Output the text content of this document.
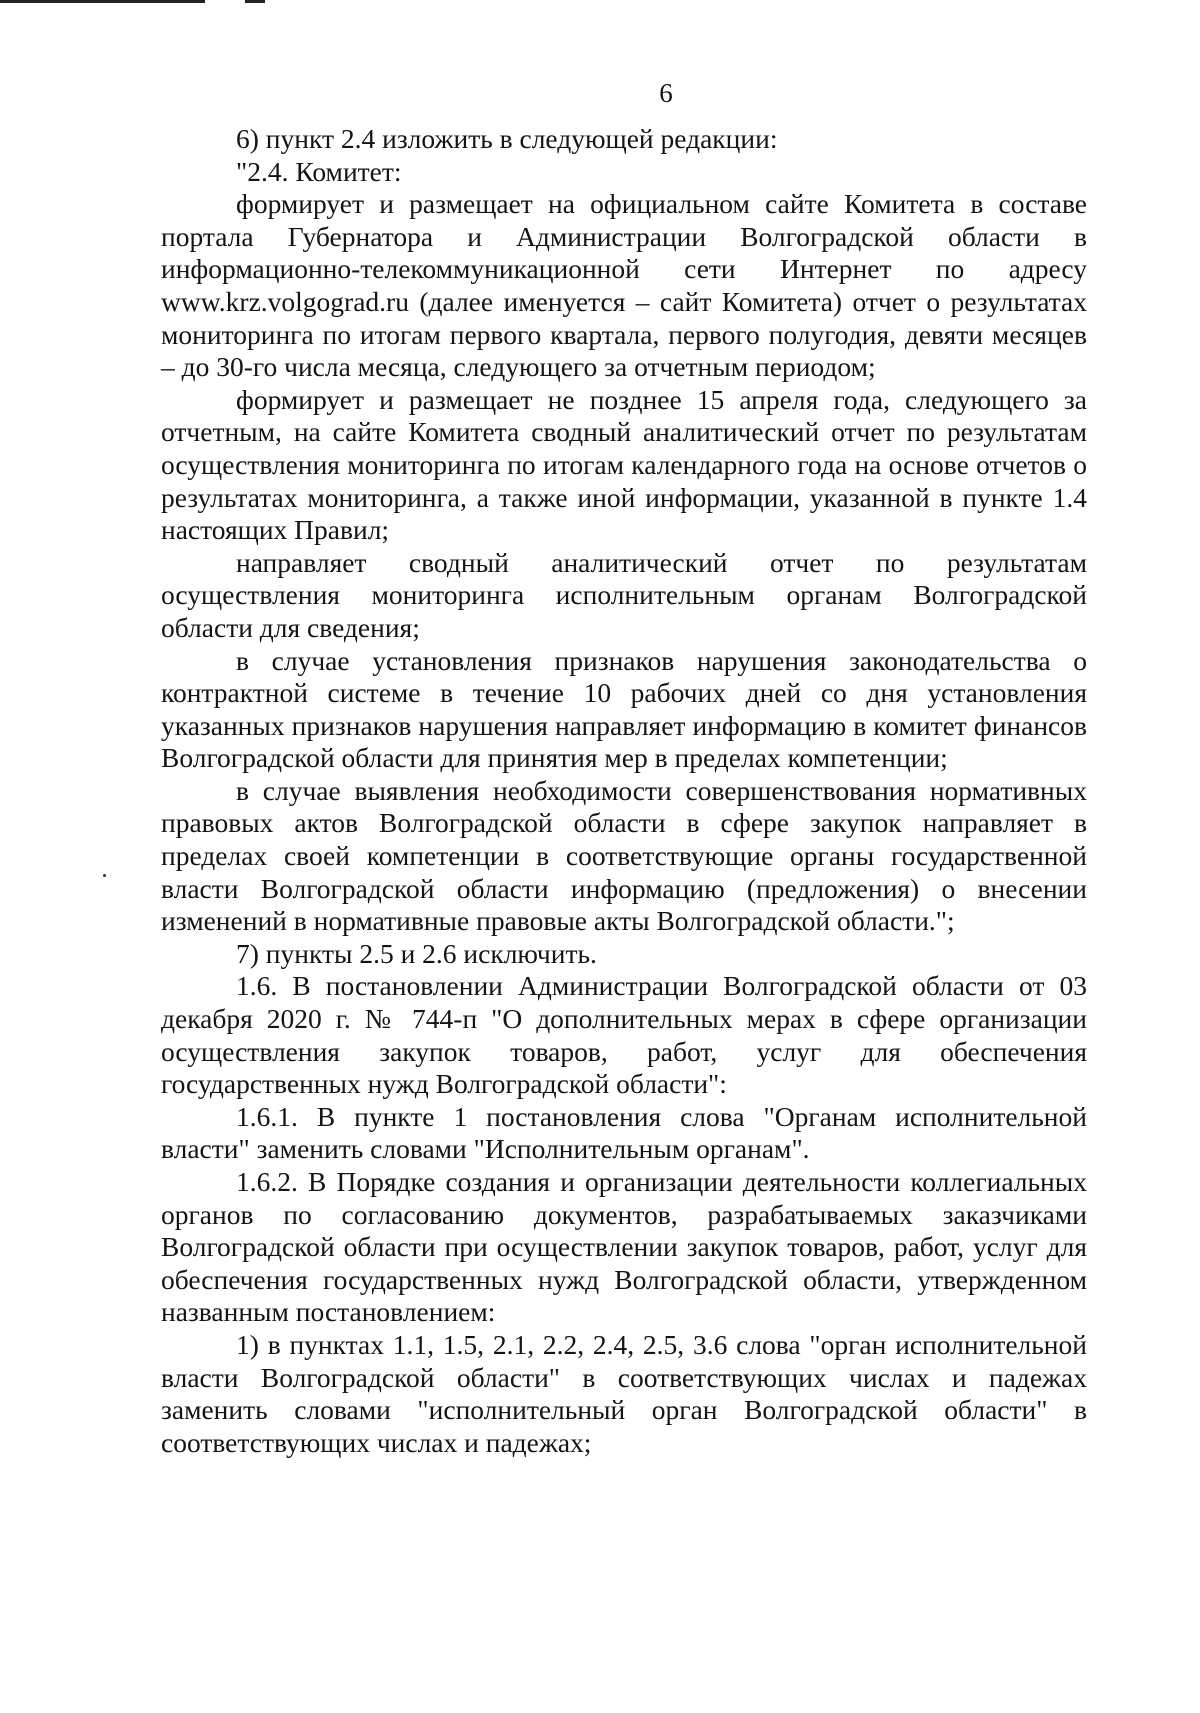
6

6) пункт 2.4 изложить в следующей редакции:

"2.4. Комитет:

формирует и размещает на официальном сайте Комитета в составе портала Губернатора и Администрации Волгоградской области в информационно-телекоммуникационной сети Интернет по адресу www.krz.volgograd.ru (далее именуется – сайт Комитета) отчет о результатах мониторинга по итогам первого квартала, первого полугодия, девяти месяцев – до 30-го числа месяца, следующего за отчетным периодом;

формирует и размещает не позднее 15 апреля года, следующего за отчетным, на сайте Комитета сводный аналитический отчет по результатам осуществления мониторинга по итогам календарного года на основе отчетов о результатах мониторинга, а также иной информации, указанной в пункте 1.4 настоящих Правил;

направляет сводный аналитический отчет по результатам осуществления мониторинга исполнительным органам Волгоградской области для сведения;

в случае установления признаков нарушения законодательства о контрактной системе в течение 10 рабочих дней со дня установления указанных признаков нарушения направляет информацию в комитет финансов Волгоградской области для принятия мер в пределах компетенции;

в случае выявления необходимости совершенствования нормативных правовых актов Волгоградской области в сфере закупок направляет в пределах своей компетенции в соответствующие органы государственной власти Волгоградской области информацию (предложения) о внесении изменений в нормативные правовые акты Волгоградской области.";

7) пункты 2.5 и 2.6 исключить.

1.6. В постановлении Администрации Волгоградской области от 03 декабря 2020 г. № 744-п "О дополнительных мерах в сфере организации осуществления закупок товаров, работ, услуг для обеспечения государственных нужд Волгоградской области":

1.6.1. В пункте 1 постановления слова "Органам исполнительной власти" заменить словами "Исполнительным органам".

1.6.2. В Порядке создания и организации деятельности коллегиальных органов по согласованию документов, разрабатываемых заказчиками Волгоградской области при осуществлении закупок товаров, работ, услуг для обеспечения государственных нужд Волгоградской области, утвержденном названным постановлением:

1) в пунктах 1.1, 1.5, 2.1, 2.2, 2.4, 2.5, 3.6 слова "орган исполнительной власти Волгоградской области" в соответствующих числах и падежах заменить словами "исполнительный орган Волгоградской области" в соответствующих числах и падежах;
